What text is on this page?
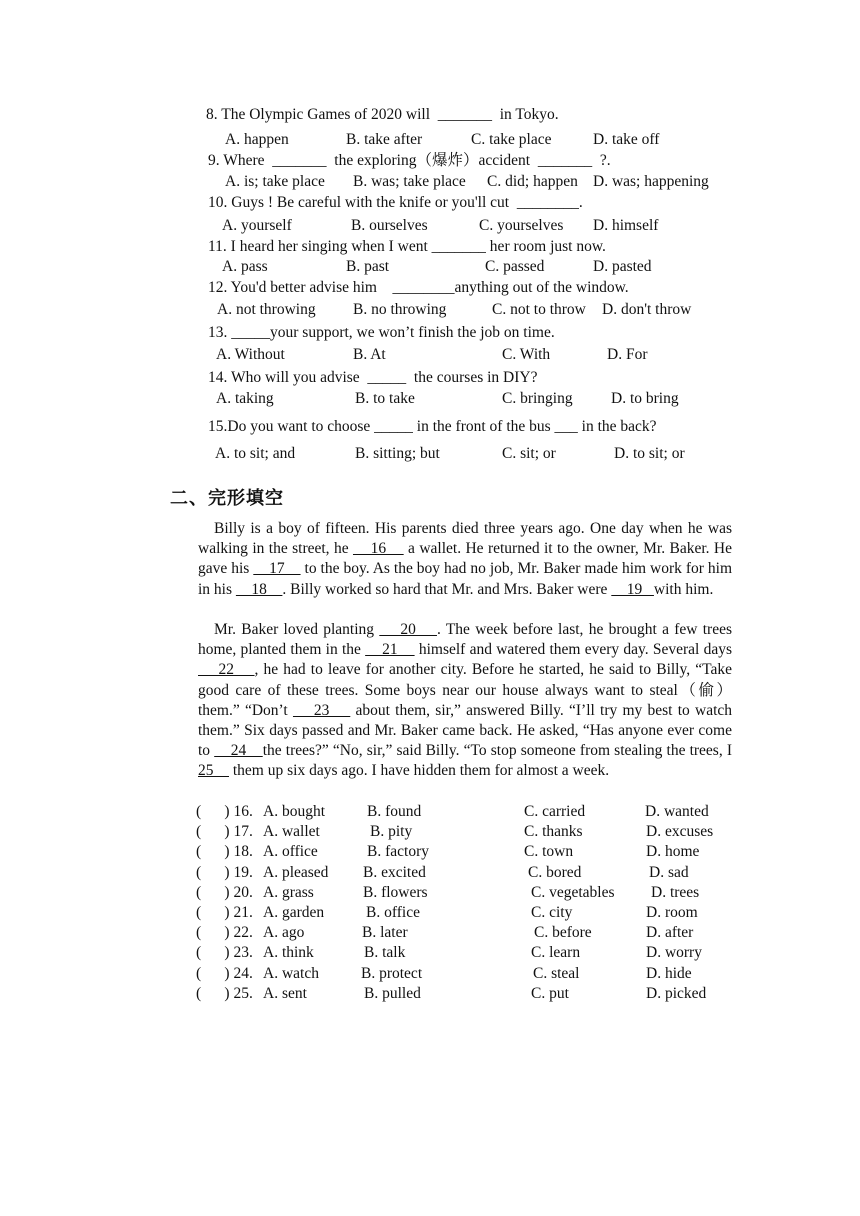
8. The Olympic Games of 2020 will  _______  in Tokyo.
A. happen	B. take after	C. take place	D. take off
9. Where  _______  the exploring（爆炸）accident  _______  ?.
A. is; take place B. was; take place C. did; happen D. was; happening
10. Guys ! Be careful with the knife or you'll cut  ________.
A. yourself	B. ourselves	C. yourselves D. himself
11. I heard her singing when I went _______ her room just now.
A. pass	B. past	C. passed	D. pasted
12. You'd better advise him    ________anything out of the window.
A. not throwing B. no throwing	C. not to throw D. don't throw
13. _____your support, we won’t finish the job on time.
A. Without	B. At	C. With	D. For
14. Who will you advise  _____  the courses in DIY?
A. taking	B. to take	C. bringing D. to bring
15.Do you want to choose _____ in the front of the bus ___ in the back?
A. to sit; and	B. sitting; but	C. sit; or	D. to sit; or
二、完形填空
Billy is a boy of fifteen. His parents died three years ago. One day when he was walking in the street, he     16     a wallet. He returned it to the owner, Mr. Baker. He gave his     17     to the boy. As the boy had no job, Mr. Baker made him work for him in his     18    . Billy worked so hard that Mr. and Mrs. Baker were     19   with him.
Mr. Baker loved planting     20    . The week before last, he brought a few trees home, planted them in the     21     himself and watered them every day. Several days     22    , he had to leave for another city. Before he started, he said to Billy, “Take good care of these trees. Some boys near our house always want to steal（偷） them.” “Don’t     23     about them, sir,” answered Billy. “I’ll try my best to watch them.” Six days passed and Mr. Baker came back. He asked, “Has anyone ever come to     24    the trees?” “No, sir,” said Billy. “To stop someone from stealing the trees, I 25     them up six days ago. I have hidden them for almost a week.
(      ) 16. A. bought	B. found	C. carried	D. wanted
(      ) 17. A. wallet	B. pity	C. thanks	D. excuses
(      ) 18. A. office	B. factory	C. town	D. home
(      ) 19. A. pleased B. excited	C. bored	D. sad
(      ) 20. A. grass	B. flowers	C. vegetables D. trees
(      ) 21. A. garden	B. office	C. city	D. room
(      ) 22. A. ago	B. later	C. before	D. after
(      ) 23. A. think	B. talk	C. learn	D. worry
(      ) 24. A. watch	B. protect	C. steal	D. hide
(      ) 25. A. sent	B. pulled	C. put	D. picked
